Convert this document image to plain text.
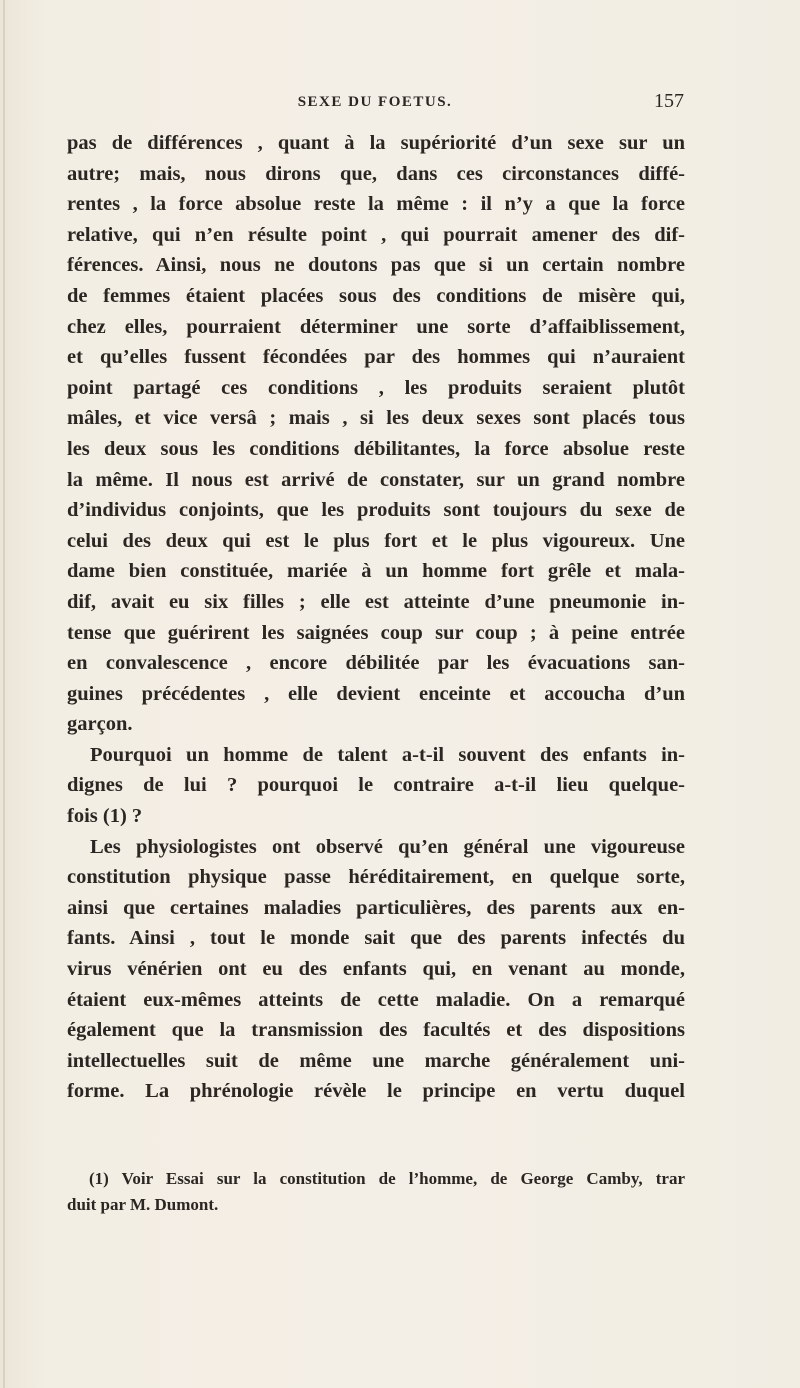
SEXE DU FOETUS.	157
pas de différences , quant à la supériorité d’un sexe sur un
autre; mais, nous dirons que, dans ces circonstances diffé-
rentes , la force absolue reste la même : il n’y a que la force
relative, qui n’en résulte point , qui pourrait amener des dif-
férences. Ainsi, nous ne doutons pas que si un certain nombre
de femmes étaient placées sous des conditions de misère qui,
chez elles, pourraient déterminer une sorte d’affaiblissement,
et qu’elles fussent fécondées par des hommes qui n’auraient
point partagé ces conditions , les produits seraient plutôt
mâles, et vice versâ ; mais , si les deux sexes sont placés tous
les deux sous les conditions débilitantes, la force absolue reste
la même. Il nous est arrivé de constater, sur un grand nombre
d’individus conjoints, que les produits sont toujours du sexe de
celui des deux qui est le plus fort et le plus vigoureux. Une
dame bien constituée, mariée à un homme fort grêle et mala-
dif, avait eu six filles ; elle est atteinte d’une pneumonie in-
tense que guérirent les saignées coup sur coup ; à peine entrée
en convalescence , encore débilitée par les évacuations san-
guines précédentes , elle devient enceinte et accoucha d’un
garçon.
Pourquoi un homme de talent a-t-il souvent des enfants in-
dignes de lui ? pourquoi le contraire a-t-il lieu quelque-
fois (1) ?
Les physiologistes ont observé qu’en général une vigoureuse
constitution physique passe héréditairement, en quelque sorte,
ainsi que certaines maladies particulières, des parents aux en-
fants. Ainsi , tout le monde sait que des parents infectés du
virus vénérien ont eu des enfants qui, en venant au monde,
étaient eux-mêmes atteints de cette maladie. On a remarqué
également que la transmission des facultés et des dispositions
intellectuelles suit de même une marche généralement uni-
forme. La phrénologie révèle le principe en vertu duquel
(1) Voir Essai sur la constitution de l’homme, de George Camby, trar
duit par M. Dumont.
